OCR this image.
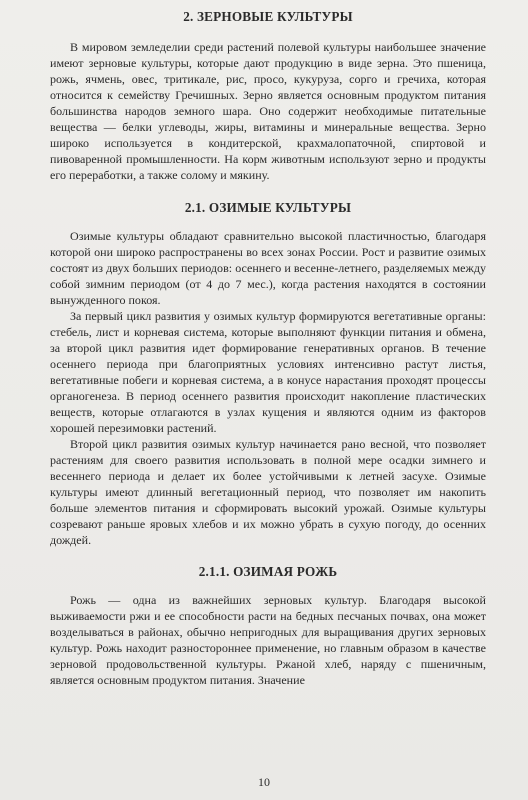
2. ЗЕРНОВЫЕ КУЛЬТУРЫ

В мировом земледелии среди растений полевой культуры наибольшее значение имеют зерновые культуры, которые дают продукцию в виде зерна. Это пшеница, рожь, ячмень, овес, тритикале, рис, просо, кукуруза, сорго и гречиха, которая относится к семейству Гречишных. Зерно является основным продуктом питания большинства народов земного шара. Оно содержит необходимые питательные вещества — белки углеводы, жиры, витамины и минеральные вещества. Зерно широко используется в кондитерской, крахмалопаточной, спиртовой и пивоваренной промышленности. На корм животным используют зерно и продукты его переработки, а также солому и мякину.

2.1. ОЗИМЫЕ КУЛЬТУРЫ

Озимые культуры обладают сравнительно высокой пластичностью, благодаря которой они широко распространены во всех зонах России. Рост и развитие озимых состоят из двух больших периодов: осеннего и весенне-летнего, разделяемых между собой зимним периодом (от 4 до 7 мес.), когда растения находятся в состоянии вынужденного покоя.

За первый цикл развития у озимых культур формируются вегетативные органы: стебель, лист и корневая система, которые выполняют функции питания и обмена, за второй цикл развития идет формирование генеративных органов. В течение осеннего периода при благоприятных условиях интенсивно растут листья, вегетативные побеги и корневая система, а в конусе нарастания проходят процессы органогенеза. В период осеннего развития происходит накопление пластических веществ, которые отлагаются в узлах кущения и являются одним из факторов хорошей перезимовки растений.

Второй цикл развития озимых культур начинается рано весной, что позволяет растениям для своего развития использовать в полной мере осадки зимнего и весеннего периода и делает их более устойчивыми к летней засухе. Озимые культуры имеют длинный вегетационный период, что позволяет им накопить больше элементов питания и сформировать высокий урожай. Озимые культуры созревают раньше яровых хлебов и их можно убрать в сухую погоду, до осенних дождей.

2.1.1. ОЗИМАЯ РОЖЬ

Рожь — одна из важнейших зерновых культур. Благодаря высокой выживаемости ржи и ее способности расти на бедных песчаных почвах, она может возделываться в районах, обычно непригодных для выращивания других зерновых культур. Рожь находит разностороннее применение, но главным образом в качестве зерновой продовольственной культуры. Ржаной хлеб, наряду с пшеничным, является основным продуктом питания. Значение

10
